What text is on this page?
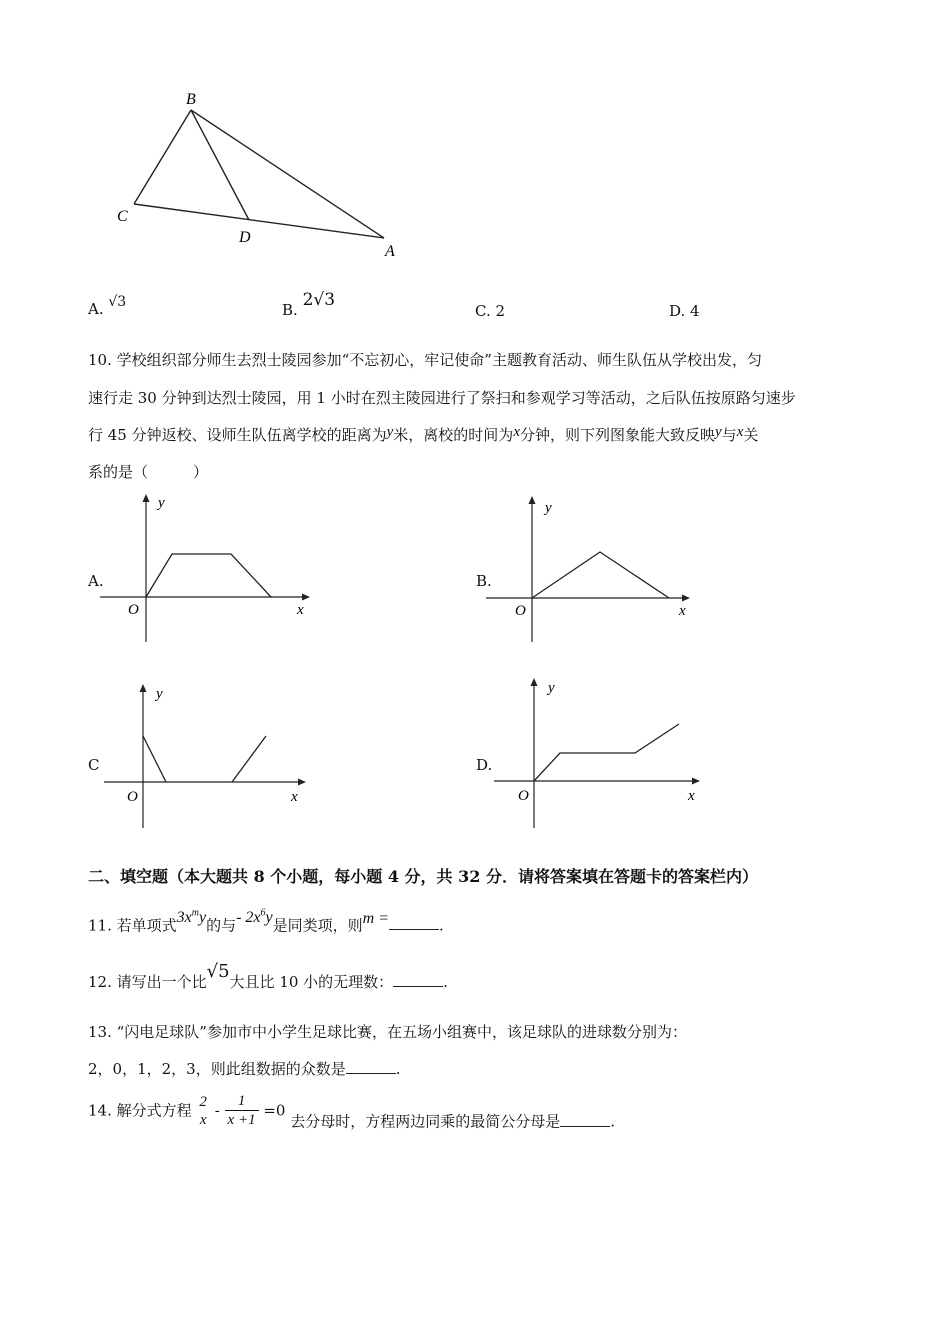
B
C
D
A
A. √3	B. 2√3
C. 2	D. 4
10. 学校组织部分师生去烈士陵园参加“不忘初心，牢记使命”主题教育活动、师生队伍从学校出发，匀
速行走 30 分钟到达烈士陵园，用 1 小时在烈主陵园进行了祭扫和参观学习等活动，之后队伍按原路匀速步
行 45 分钟返校、设师生队伍离学校的距离为y米，离校的时间为x分钟，则下列图象能大致反映y与x关
系的是（　　　）
A.
y
x
O
B.
y
x
O
C
y
x
O
D.
y
x
O
二、填空题（本大题共 8 个小题，每小题 4 分，共 32 分．请将答案填在答题卡的答案栏内）
11. 若单项式$3x^my$的与- $2x^6y$是同类项，则m =	.
12. 请写出一个比√5大且比 10 小的无理数：	.
13. “闪电足球队”参加市中小学生足球比赛，在五场小组赛中，该足球队的进球数分别为：
2，0，1，2，3，则此组数据的众数是	.
14. 解分式方程 2
$x - \frac{1}{x +1} =0$ 去分母时，方程两边同乘的最简公分母是	.
